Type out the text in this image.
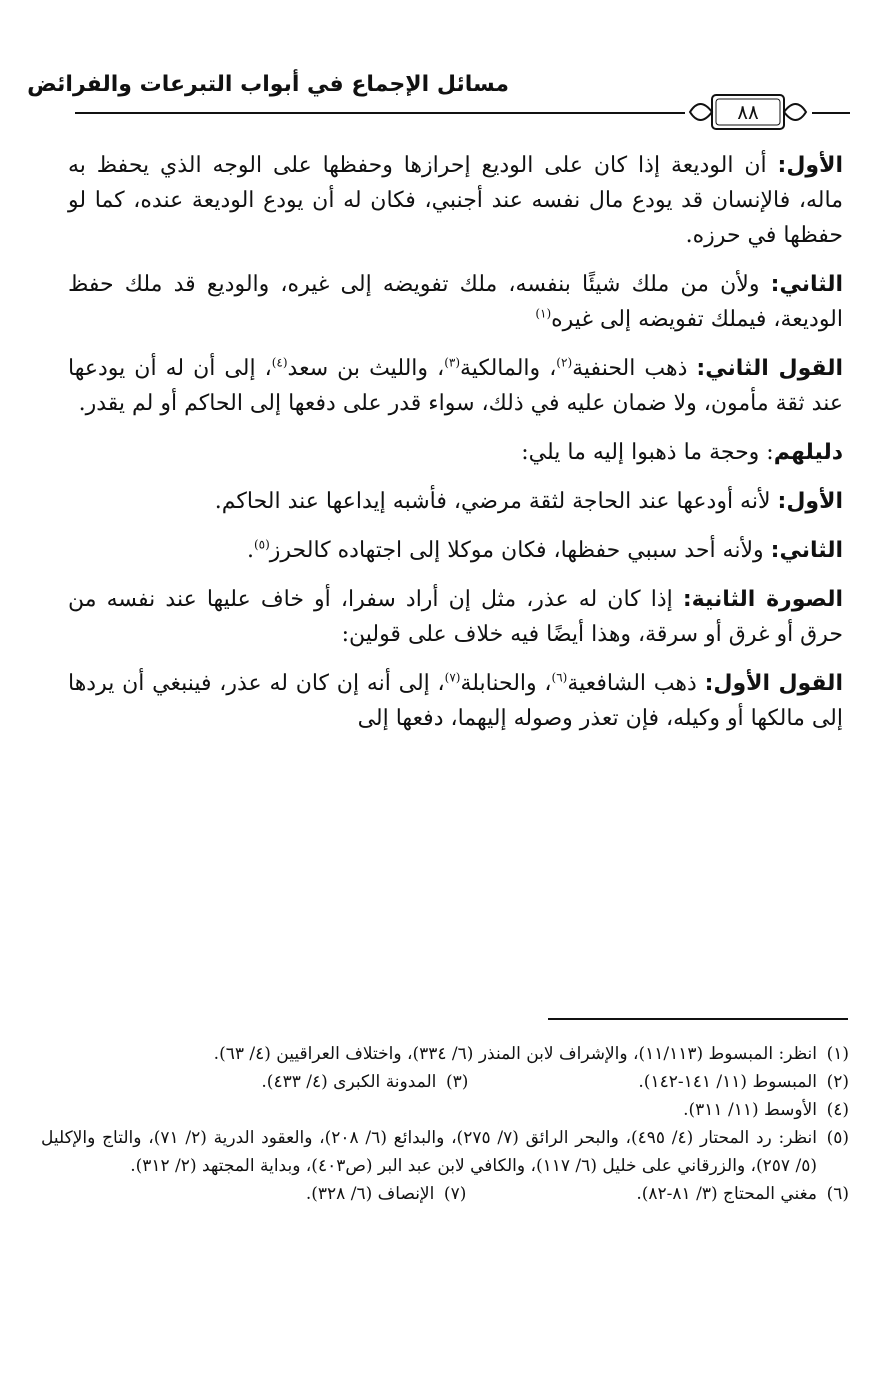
مسائل الإجماع في أبواب التبرعات والفرائض
٨٨

الأول: أن الوديعة إذا كان على الوديع إحرازها وحفظها على الوجه الذي يحفظ به ماله، فالإنسان قد يودع مال نفسه عند أجنبي، فكان له أن يودع الوديعة عنده، كما لو حفظها في حرزه.

الثاني: ولأن من ملك شيئًا بنفسه، ملك تفويضه إلى غيره، والوديع قد ملك حفظ الوديعة، فيملك تفويضه إلى غيره$^{(١)}$

القول الثاني: ذهب الحنفية$^{(٢)}$، والمالكية$^{(٣)}$، والليث بن سعد$^{(٤)}$، إلى أن له أن يودعها عند ثقة مأمون، ولا ضمان عليه في ذلك، سواء قدر على دفعها إلى الحاكم أو لم يقدر.

دليلهم: وحجة ما ذهبوا إليه ما يلي:

الأول: لأنه أودعها عند الحاجة لثقة مرضي، فأشبه إيداعها عند الحاكم.

الثاني: ولأنه أحد سببي حفظها، فكان موكلا إلى اجتهاده كالحرز$^{(٥)}$.

الصورة الثانية: إذا كان له عذر، مثل إن أراد سفرا، أو خاف عليها عند نفسه من حرق أو غرق أو سرقة، وهذا أيضًا فيه خلاف على قولين:

القول الأول: ذهب الشافعية$^{(٦)}$، والحنابلة$^{(٧)}$، إلى أنه إن كان له عذر، فينبغي أن يردها إلى مالكها أو وكيله، فإن تعذر وصوله إليهما، دفعها إلى

(١)
انظر: المبسوط (١١/١١٣)، والإشراف لابن المنذر (٦/ ٣٣٤)، واختلاف العراقيين (٤/ ٦٣).
(٢)
المبسوط (١١/ ١٤١-١٤٢).
(٣)
المدونة الكبرى (٤/ ٤٣٣).
(٤)
الأوسط (١١/ ٣١١).
(٥)
انظر: رد المحتار (٤/ ٤٩٥)، والبحر الرائق (٧/ ٢٧٥)، والبدائع (٦/ ٢٠٨)، والعقود الدرية (٢/ ٧١)، والتاج والإكليل (٥/ ٢٥٧)، والزرقاني على خليل (٦/ ١١٧)، والكافي لابن عبد البر (ص٤٠٣)، وبداية المجتهد (٢/ ٣١٢).
(٦)
مغني المحتاج (٣/ ٨١-٨٢).
(٧)
الإنصاف (٦/ ٣٢٨).
